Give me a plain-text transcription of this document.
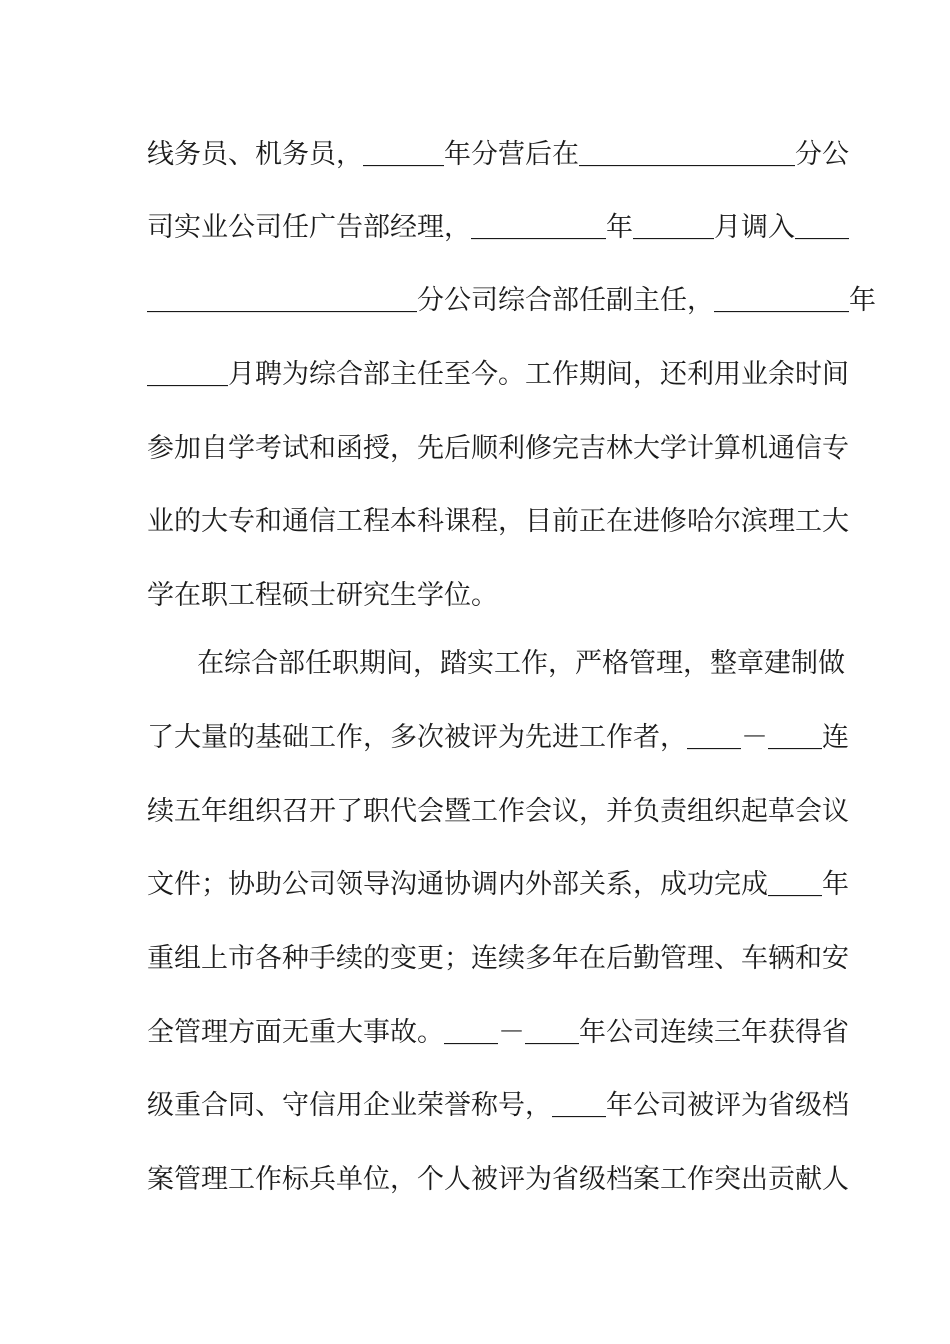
线务员、机务员，＿＿＿年分营后在＿＿＿＿＿＿＿＿分公
司实业公司任广告部经理，＿＿＿＿＿年＿＿＿月调入＿＿
＿＿＿＿＿＿＿＿＿＿分公司综合部任副主任，＿＿＿＿＿年
＿＿＿月聘为综合部主任至今。工作期间，还利用业余时间
参加自学考试和函授，先后顺利修完吉林大学计算机通信专
业的大专和通信工程本科课程，目前正在进修哈尔滨理工大
学在职工程硕士研究生学位。
在综合部任职期间，踏实工作，严格管理，整章建制做
了大量的基础工作，多次被评为先进工作者，＿＿－＿＿连
续五年组织召开了职代会暨工作会议，并负责组织起草会议
文件；协助公司领导沟通协调内外部关系，成功完成＿＿年
重组上市各种手续的变更；连续多年在后勤管理、车辆和安
全管理方面无重大事故。＿＿－＿＿年公司连续三年获得省
级重合同、守信用企业荣誉称号，＿＿年公司被评为省级档
案管理工作标兵单位，个人被评为省级档案工作突出贡献人
